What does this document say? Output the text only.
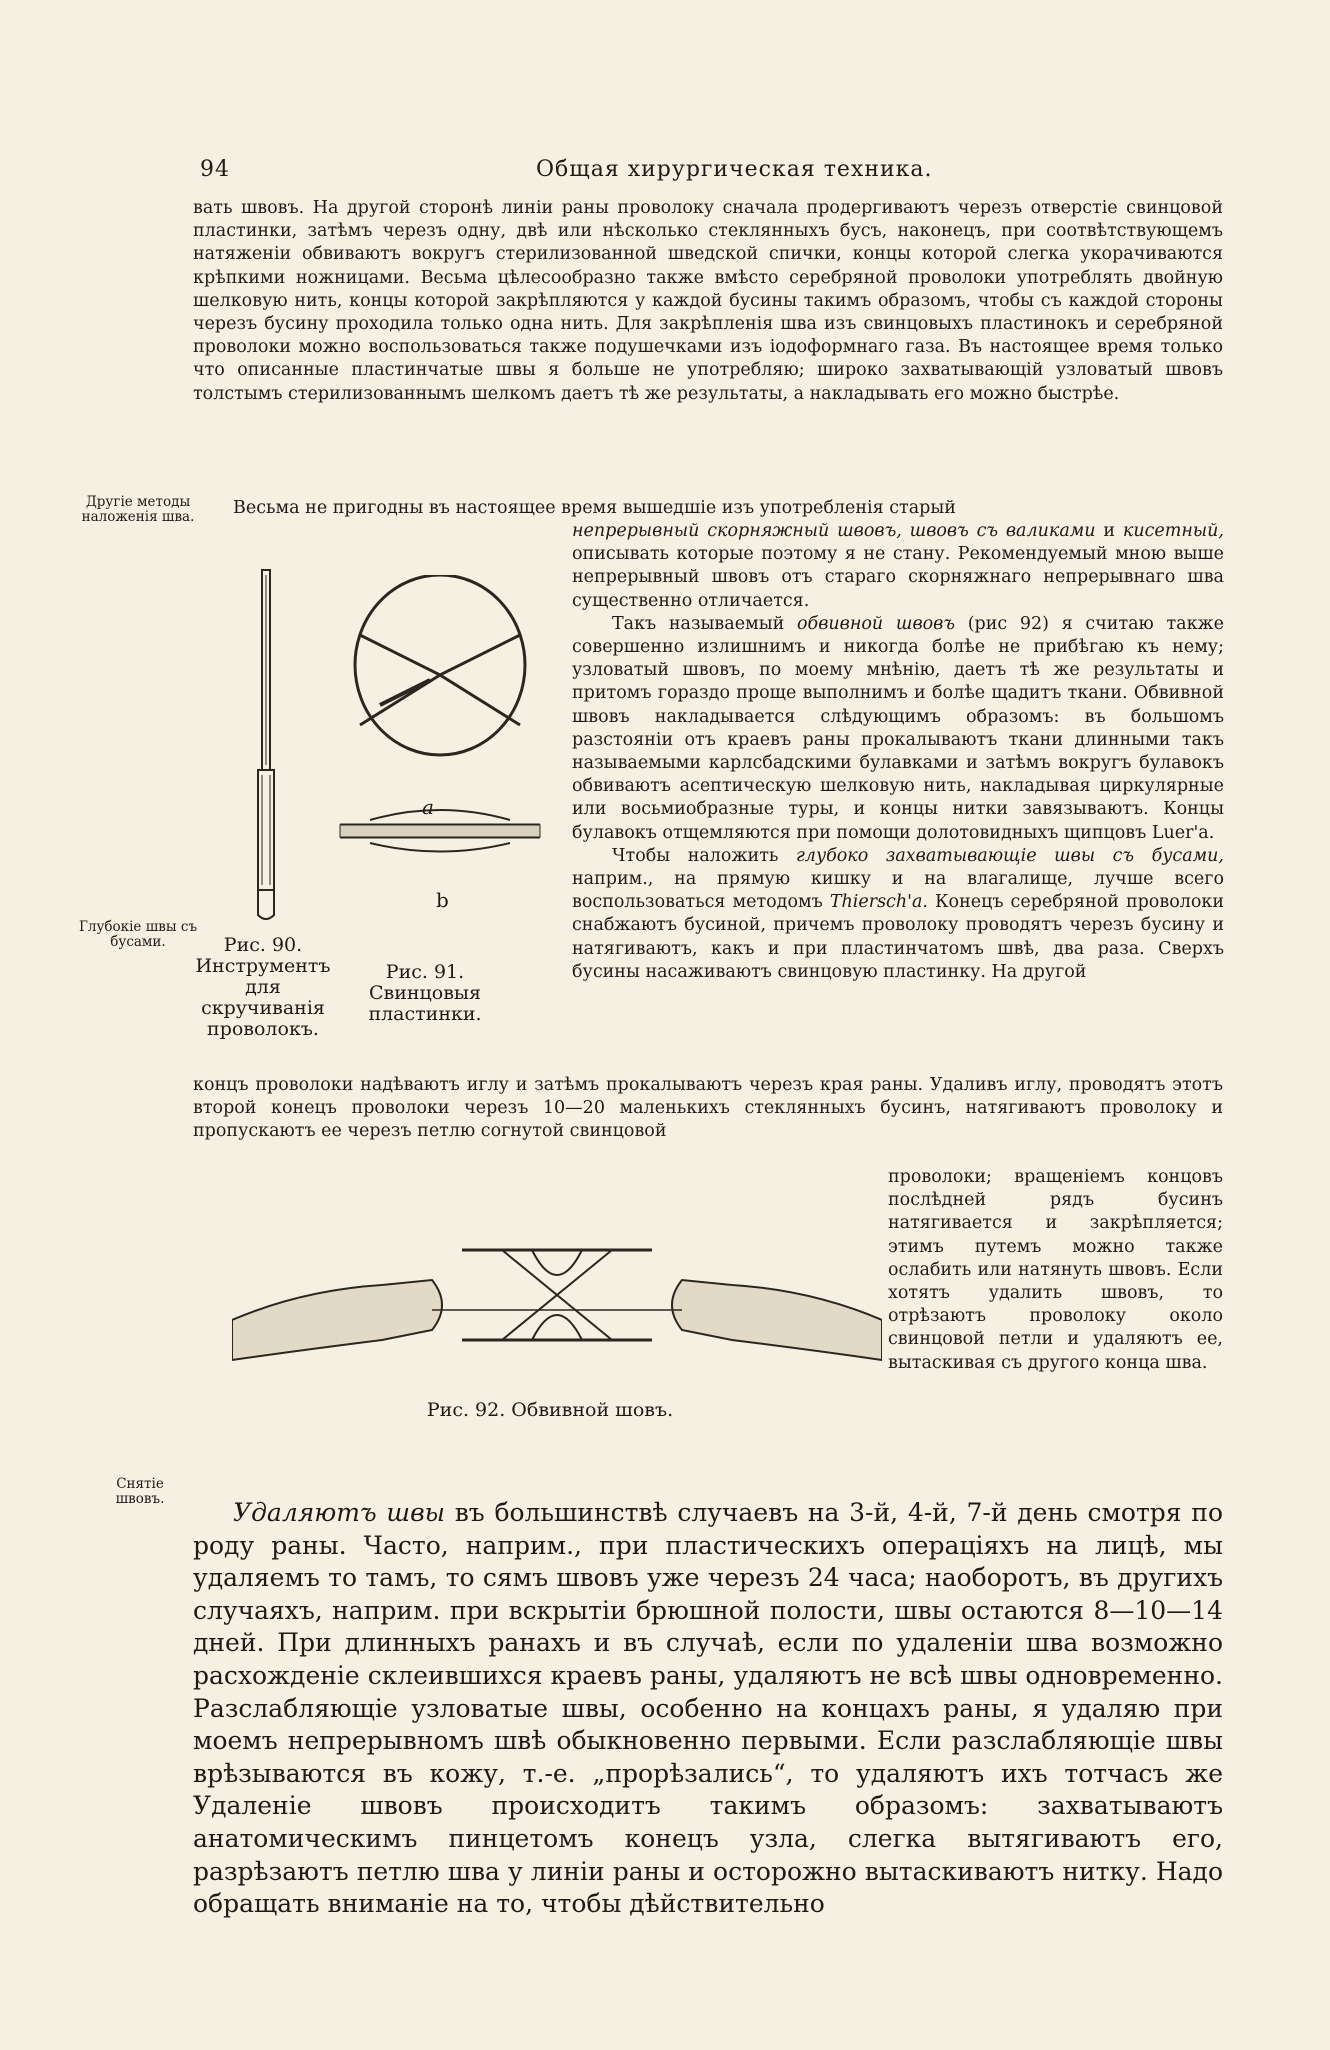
94	Общая хирургическая техника.

вать швовъ. На другой сторонѣ линіи раны проволоку сначала продергиваютъ черезъ отверстіе свинцовой пластинки, затѣмъ черезъ одну, двѣ или нѣсколько стеклянныхъ бусъ, наконецъ, при соотвѣтствующемъ натяженіи обвиваютъ вокругъ стерилизованной шведской спички, концы которой слегка укорачиваются крѣпкими ножницами. Весьма цѣлесообразно также вмѣсто серебряной проволоки употреблять двойную шелковую нить, концы которой закрѣпляются у каждой бусины такимъ образомъ, чтобы съ каждой стороны черезъ бусину проходила только одна нить. Для закрѣпленія шва изъ свинцовыхъ пластинокъ и серебряной проволоки можно воспользоваться также подушечками изъ іодоформнаго газа. Въ настоящее время только что описанные пластинчатые швы я больше не употребляю; широко захватывающій узловатый швовъ толстымъ стерилизованнымъ шелкомъ даетъ тѣ же результаты, а накладывать его можно быстрѣе.

Другіе методы наложенія шва.	Весьма не пригодны въ настоящее время вышедшіе изъ употребленія старый

непрерывный скорняжный швовъ, швовъ съ валиками и кисетный, описывать которые поэтому я не стану. Рекомендуемый мною выше непрерывный швовъ отъ стараго скорняжнаго непрерывнаго шва существенно отличается.

Такъ называемый обвивной швовъ (рис 92) я считаю также совершенно излишнимъ и никогда болѣе не прибѣгаю къ нему; узловатый швовъ, по моему мнѣнію, даетъ тѣ же результаты и притомъ гораздо проще выполнимъ и болѣе щадитъ ткани. Обвивной швовъ накладывается слѣдующимъ образомъ: въ большомъ разстояніи отъ краевъ раны прокалываютъ ткани длинными такъ называемыми карлсбадскими булавками и затѣмъ вокругъ булавокъ обвиваютъ асептическую шелковую нить, накладывая циркулярные или восьмиобразные туры, и концы нитки завязываютъ. Концы булавокъ отщемляются при помощи долотовидныхъ щипцовъ Luer'а.

Чтобы наложить глубоко захватывающіе швы съ бусами, наприм., на прямую кишку и на влагалище, лучше всего воспользоваться методомъ Thiersch'а. Конецъ серебряной проволоки снабжаютъ бусиной, причемъ проволоку проводятъ черезъ бусину и натягиваютъ, какъ и при пластинчатомъ швѣ, два раза. Сверхъ бусины насаживаютъ свинцовую пластинку. На другой

a
b
Глубокіе швы съ бусами.	Рис. 90. Инструментъ для скручиванія проволокъ.
Рис. 91. Свинцовыя пластинки.

концъ проволоки надѣваютъ иглу и затѣмъ прокалываютъ черезъ края раны. Удаливъ иглу, проводятъ этотъ второй конецъ проволоки черезъ 10—20 маленькихъ стеклянныхъ бусинъ, натягиваютъ проволоку и пропускаютъ ее черезъ петлю согнутой свинцовой

Рис. 92. Обвивной шовъ.

проволоки; вращеніемъ концовъ послѣдней рядъ бусинъ натягивается и закрѣпляется; этимъ путемъ можно также ослабить или натянуть швовъ. Если хотятъ удалить швовъ, то отрѣзаютъ проволоку около свинцовой петли и удаляютъ ее, вытаскивая съ другого конца шва.

Снятіе швовъ.	Удаляютъ швы въ большинствѣ случаевъ на 3-й, 4-й, 7-й день смотря по роду раны. Часто, наприм., при пластическихъ операціяхъ на лицѣ, мы удаляемъ то тамъ, то сямъ швовъ уже черезъ 24 часа; наоборотъ, въ другихъ случаяхъ, наприм. при вскрытіи брюшной полости, швы остаются 8—10—14 дней. При длинныхъ ранахъ и въ случаѣ, если по удаленіи шва возможно расхожденіе склеившихся краевъ раны, удаляютъ не всѣ швы одновременно. Разслабляющіе узловатые швы, особенно на концахъ раны, я удаляю при моемъ непрерывномъ швѣ обыкновенно первыми. Если разслабляющіе швы врѣзываются въ кожу, т.-е. „прорѣзались“, то удаляютъ ихъ тотчасъ же Удаленіе швовъ происходитъ такимъ образомъ: захватываютъ анатомическимъ пинцетомъ конецъ узла, слегка вытягиваютъ его, разрѣзаютъ петлю шва у линіи раны и осторожно вытаскиваютъ нитку. Надо обращать вниманіе на то, чтобы дѣйствительно
